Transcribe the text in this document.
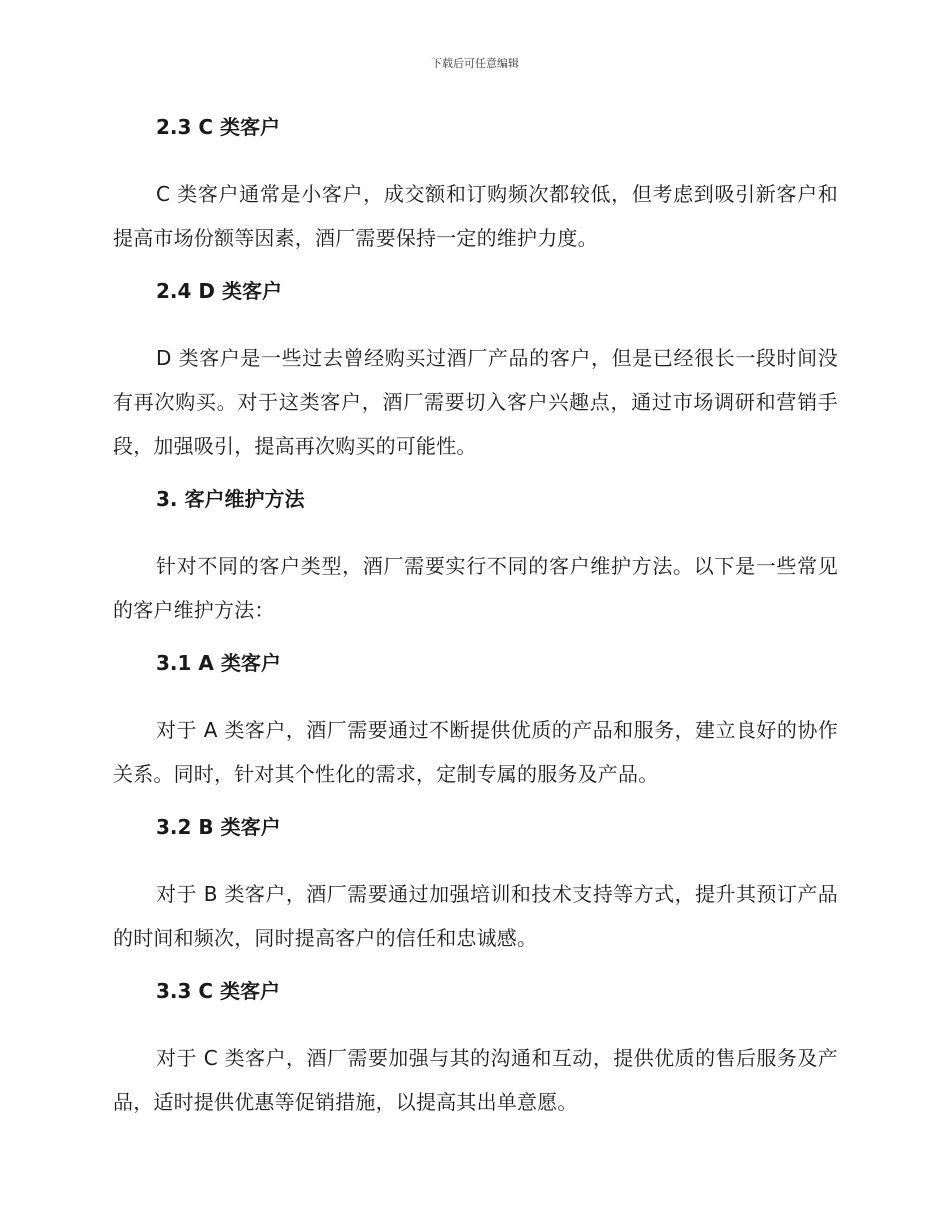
下载后可任意编辑
2.3 C 类客户

C 类客户通常是小客户，成交额和订购频次都较低，但考虑到吸引新客户和提高市场份额等因素，酒厂需要保持一定的维护力度。

2.4 D 类客户

D 类客户是一些过去曾经购买过酒厂产品的客户，但是已经很长一段时间没有再次购买。对于这类客户，酒厂需要切入客户兴趣点，通过市场调研和营销手段，加强吸引，提高再次购买的可能性。

3. 客户维护方法

针对不同的客户类型，酒厂需要实行不同的客户维护方法。以下是一些常见的客户维护方法：

3.1 A 类客户

对于 A 类客户，酒厂需要通过不断提供优质的产品和服务，建立良好的协作关系。同时，针对其个性化的需求，定制专属的服务及产品。

3.2 B 类客户

对于 B 类客户，酒厂需要通过加强培训和技术支持等方式，提升其预订产品的时间和频次，同时提高客户的信任和忠诚感。

3.3 C 类客户

对于 C 类客户，酒厂需要加强与其的沟通和互动，提供优质的售后服务及产品，适时提供优惠等促销措施，以提高其出单意愿。
